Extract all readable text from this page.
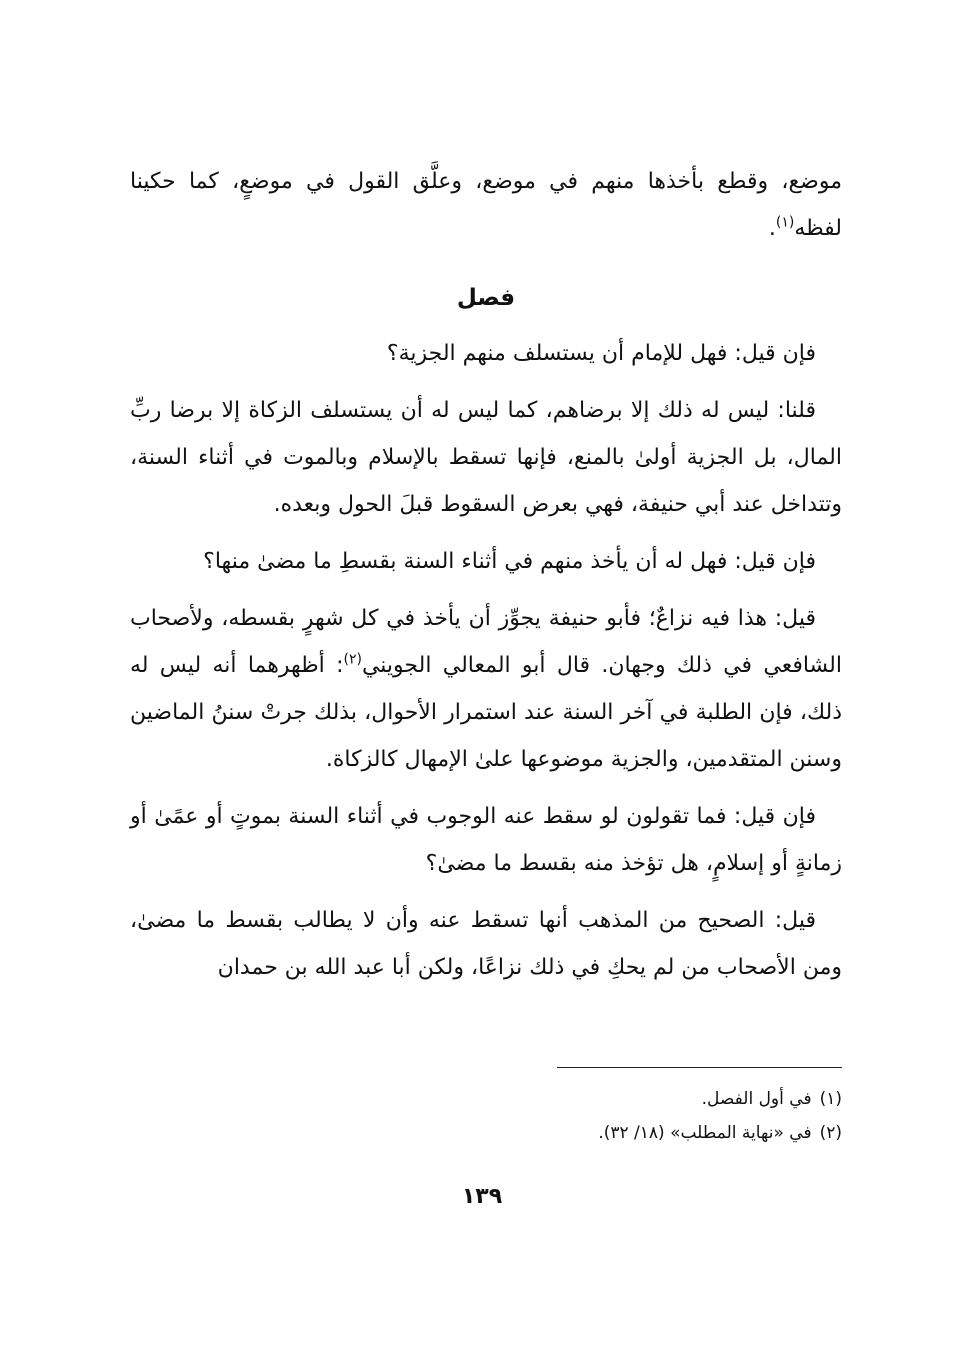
موضع، وقطع بأخذها منهم في موضع، وعلَّق القول في موضعٍ، كما حكينا لفظه$^{(١)}$.

فصل

فإن قيل: فهل للإمام أن يستسلف منهم الجزية؟

قلنا: ليس له ذلك إلا برضاهم، كما ليس له أن يستسلف الزكاة إلا برضا ربِّ المال، بل الجزية أولىٰ بالمنع، فإنها تسقط بالإسلام وبالموت في أثناء السنة، وتتداخل عند أبي حنيفة، فهي بعرض السقوط قبلَ الحول وبعده.

فإن قيل: فهل له أن يأخذ منهم في أثناء السنة بقسطِ ما مضىٰ منها؟

قيل: هذا فيه نزاعٌ؛ فأبو حنيفة يجوِّز أن يأخذ في كل شهرٍ بقسطه، ولأصحاب الشافعي في ذلك وجهان. قال أبو المعالي الجويني$^{(٢)}$: أظهرهما أنه ليس له ذلك، فإن الطلبة في آخر السنة عند استمرار الأحوال، بذلك جرتْ سننُ الماضين وسنن المتقدمين، والجزية موضوعها علىٰ الإمهال كالزكاة.

فإن قيل: فما تقولون لو سقط عنه الوجوب في أثناء السنة بموتٍ أو عمًىٰ أو زمانةٍ أو إسلامٍ، هل تؤخذ منه بقسط ما مضىٰ؟

قيل: الصحيح من المذهب أنها تسقط عنه وأن لا يطالب بقسط ما مضىٰ، ومن الأصحاب من لم يحكِ في ذلك نزاعًا، ولكن أبا عبد الله بن حمدان

(١)في أول الفصل.

(٢)في «نهاية المطلب» (١٨/ ٣٢).

١٣٩
